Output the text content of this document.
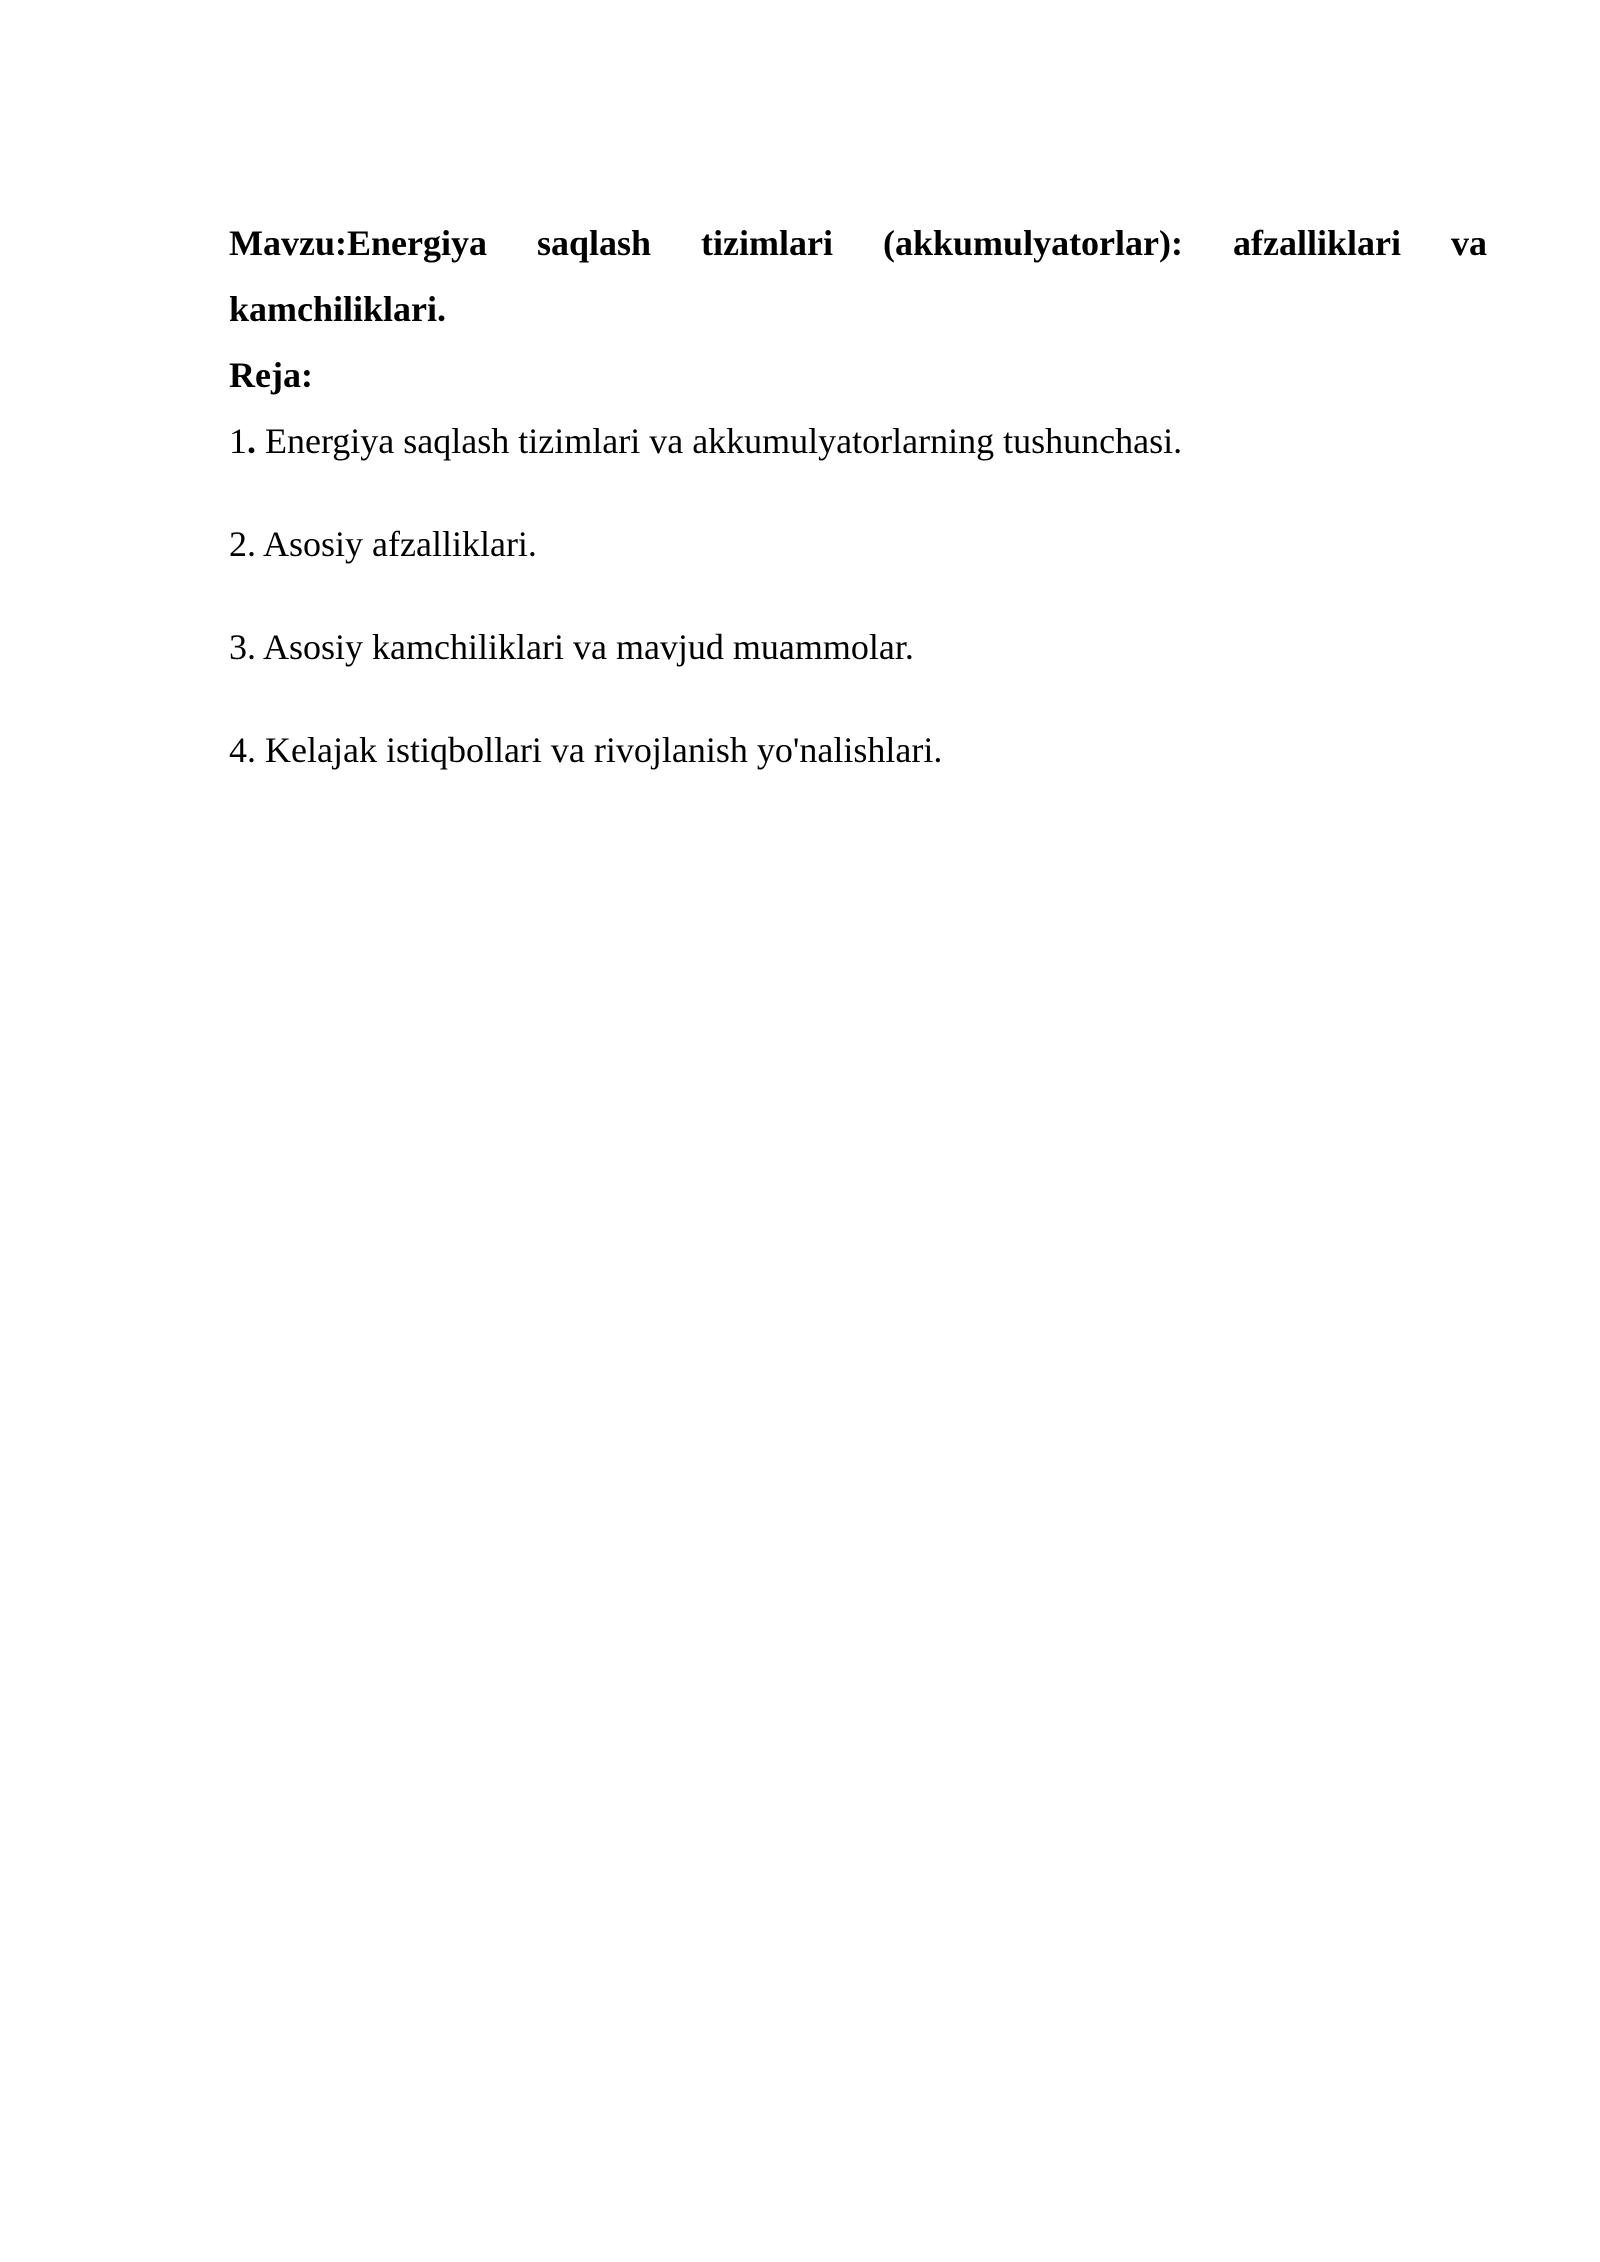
Mavzu:Energiya saqlash tizimlari (akkumulyatorlar): afzalliklari va kamchiliklari.

Reja:

1. Energiya saqlash tizimlari va akkumulyatorlarning tushunchasi.
2. Asosiy afzalliklari.
3. Asosiy kamchiliklari va mavjud muammolar.
4. Kelajak istiqbollari va rivojlanish yo'nalishlari.
